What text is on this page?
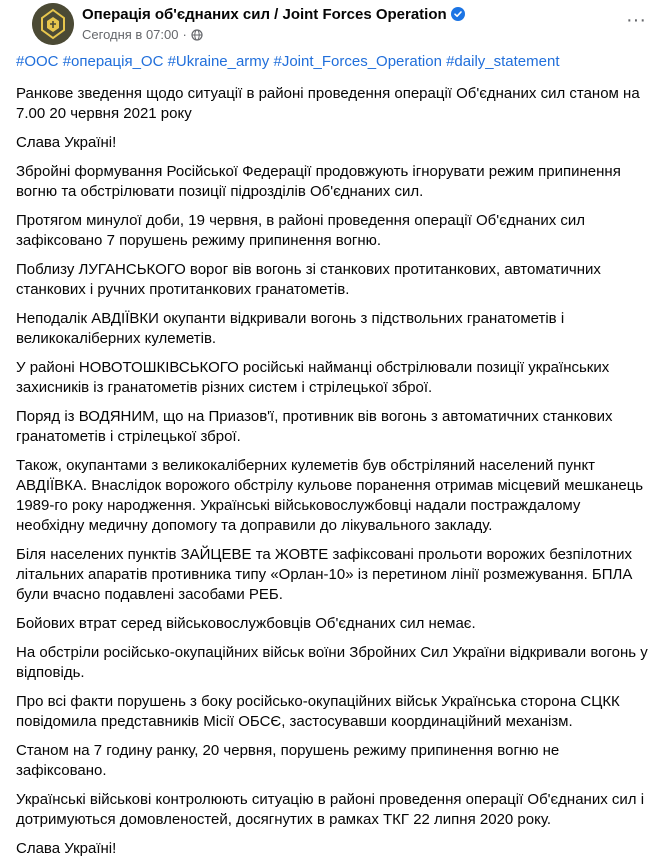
Операція об'єднаних сил / Joint Forces Operation
Сегодня в 07:00 ·
···
#ООС #операція_ОС #Ukraine_army #Joint_Forces_Operation #daily_statement

Ранкове зведення щодо ситуації в районі проведення операції Об'єднаних сил станом на 7.00 20 червня 2021 року

Слава Україні!

Збройні формування Російської Федерації продовжують ігнорувати режим припинення вогню та обстрілювати позиції підрозділів Об'єднаних сил.

Протягом минулої доби, 19 червня, в районі проведення операції Об'єднаних сил зафіксовано 7 порушень режиму припинення вогню.

Поблизу ЛУГАНСЬКОГО ворог вів вогонь зі станкових протитанкових, автоматичних станкових і ручних протитанкових гранатометів.

Неподалік АВДІЇВКИ окупанти відкривали вогонь з підствольних гранатометів і великокаліберних кулеметів.

У районі НОВОТОШКІВСЬКОГО російські найманці обстрілювали позиції українських захисників із гранатометів різних систем і стрілецької зброї.

Поряд із ВОДЯНИМ, що на Приазов'ї, противник вів вогонь з автоматичних станкових гранатометів і стрілецької зброї.

Також, окупантами з великокаліберних кулеметів був обстріляний населений пункт АВДІЇВКА. Внаслідок ворожого обстрілу кульове поранення отримав місцевий мешканець 1989-го року народження. Українські військовослужбовці надали постраждалому необхідну медичну допомогу та доправили до лікувального закладу.

Біля населених пунктів ЗАЙЦЕВЕ та ЖОВТЕ зафіксовані прольоти ворожих безпілотних літальних апаратів противника типу «Орлан-10» із перетином лінії розмежування. БПЛА були вчасно подавлені засобами РЕБ.

Бойових втрат серед військовослужбовців Об'єднаних сил немає.

На обстріли російсько-окупаційних військ воїни Збройних Сил України відкривали вогонь у відповідь.

Про всі факти порушень з боку російсько-окупаційних військ Українська сторона СЦКК повідомила представників Місії ОБСЄ, застосувавши координаційний механізм.

Станом на 7 годину ранку, 20 червня, порушень режиму припинення вогню не зафіксовано.

Українські військові контролюють ситуацію в районі проведення операції Об'єднаних сил і дотримуються домовленостей, досягнутих в рамках ТКГ 22 липня 2020 року.

Слава Україні!
